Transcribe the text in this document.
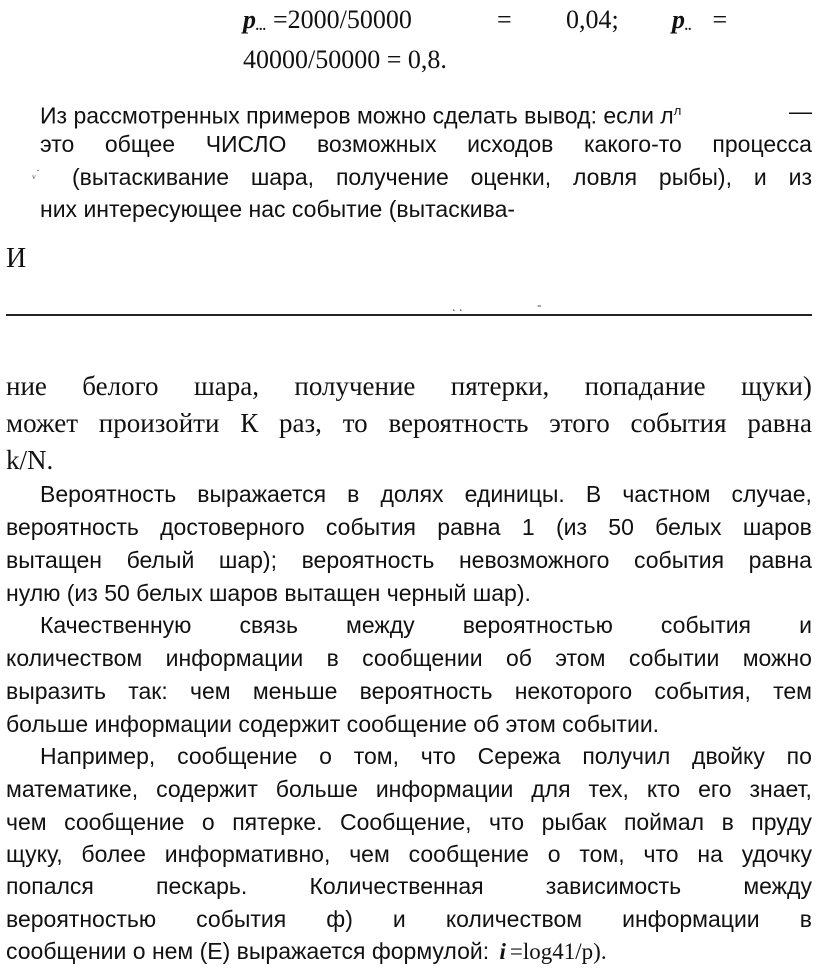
p... =2000/50000	= 0,04; p.. =
40000/50000 = 0,8.
Из рассмотренных примеров можно сделать вывод: если $л^л$	—
это общее ЧИСЛО возможных исходов какого-то процесса
ᵥ˙ (вытаскивание шара, получение оценки, ловля рыбы), и из
них интересующее нас событие (вытаскива-
И
. .	-
ние белого шара, получение пятерки, попадание щуки)
может произойти К раз, то вероятность этого события равна
k/N.
Вероятность выражается в долях единицы. В частном случае,
вероятность достоверного события равна 1 (из 50 белых шаров
вытащен белый шар); вероятность невозможного события равна
нулю (из 50 белых шаров вытащен черный шар).
Качественную связь между вероятностью события и
количеством информации в сообщении об этом событии можно
выразить так: чем меньше вероятность некоторого события, тем
больше информации содержит сообщение об этом событии.
Например, сообщение о том, что Сережа получил двойку по
математике, содержит больше информации для тех, кто его знает,
чем сообщение о пятерке. Сообщение, что рыбак поймал в пруду
щуку, более информативно, чем сообщение о том, что на удочку
попался	пескарь.	Количественная	зависимость	между
вероятностью события ф) и количеством информации в
сообщении о нем (Е) выражается формулой: i =log41/p).
